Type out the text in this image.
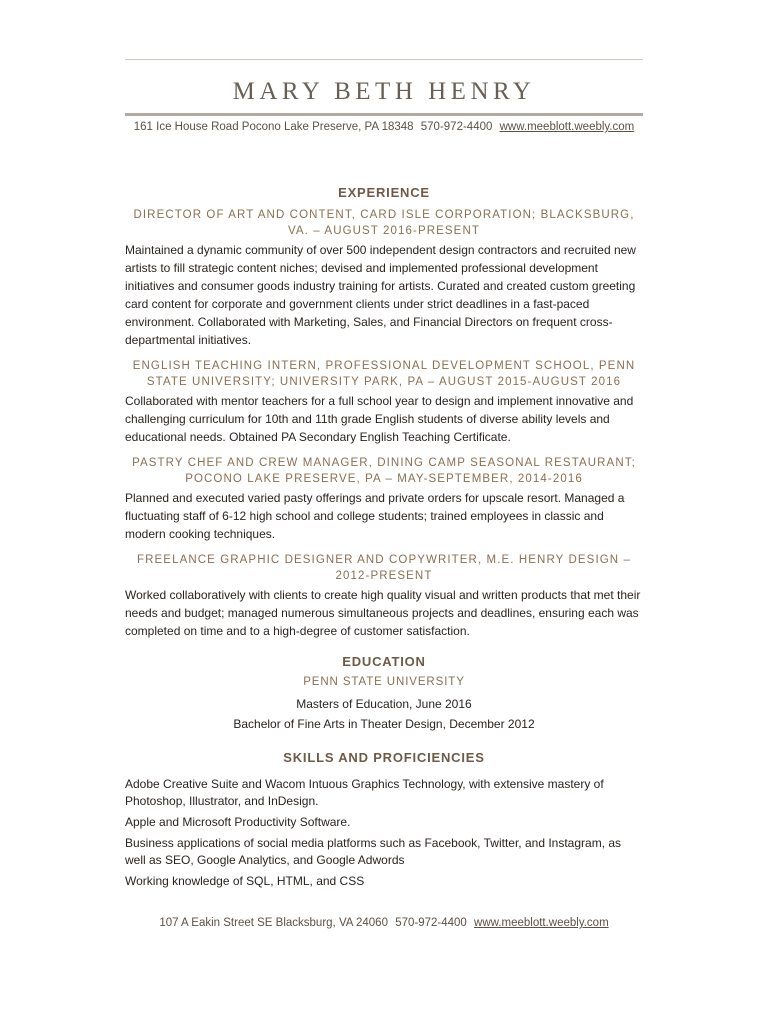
MARY BETH HENRY
161 Ice House Road Pocono Lake Preserve, PA 18348 570-972-4400 www.meeblott.weebly.com
EXPERIENCE
DIRECTOR OF ART AND CONTENT, CARD ISLE CORPORATION; BLACKSBURG, VA. – AUGUST 2016-PRESENT
Maintained a dynamic community of over 500 independent design contractors and recruited new artists to fill strategic content niches; devised and implemented professional development initiatives and consumer goods industry training for artists. Curated and created custom greeting card content for corporate and government clients under strict deadlines in a fast-paced environment. Collaborated with Marketing, Sales, and Financial Directors on frequent cross-departmental initiatives.
ENGLISH TEACHING INTERN, PROFESSIONAL DEVELOPMENT SCHOOL, PENN STATE UNIVERSITY; UNIVERSITY PARK, PA – AUGUST 2015-AUGUST 2016
Collaborated with mentor teachers for a full school year to design and implement innovative and challenging curriculum for 10th and 11th grade English students of diverse ability levels and educational needs. Obtained PA Secondary English Teaching Certificate.
PASTRY CHEF AND CREW MANAGER, DINING CAMP SEASONAL RESTAURANT; POCONO LAKE PRESERVE, PA – MAY-SEPTEMBER, 2014-2016
Planned and executed varied pasty offerings and private orders for upscale resort. Managed a fluctuating staff of 6-12 high school and college students; trained employees in classic and modern cooking techniques.
FREELANCE GRAPHIC DESIGNER AND COPYWRITER, M.E. HENRY DESIGN – 2012-PRESENT
Worked collaboratively with clients to create high quality visual and written products that met their needs and budget; managed numerous simultaneous projects and deadlines, ensuring each was completed on time and to a high-degree of customer satisfaction.
EDUCATION
PENN STATE UNIVERSITY
Masters of Education, June 2016
Bachelor of Fine Arts in Theater Design, December 2012
SKILLS AND PROFICIENCIES
Adobe Creative Suite and Wacom Intuous Graphics Technology, with extensive mastery of Photoshop, Illustrator, and InDesign.
Apple and Microsoft Productivity Software.
Business applications of social media platforms such as Facebook, Twitter, and Instagram, as well as SEO, Google Analytics, and Google Adwords
Working knowledge of SQL, HTML, and CSS
107 A Eakin Street SE Blacksburg, VA 24060 570-972-4400 www.meeblott.weebly.com
